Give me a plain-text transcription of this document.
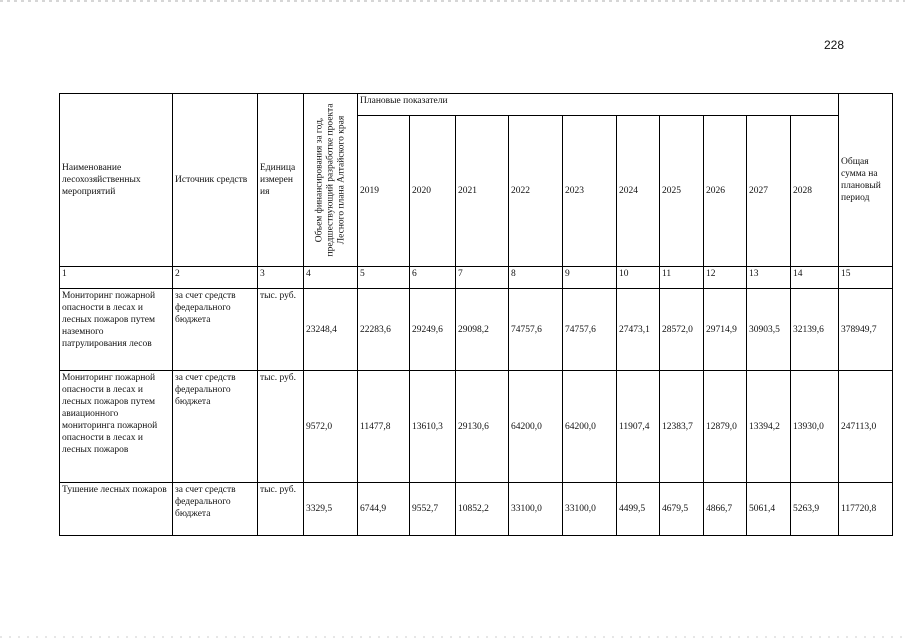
228
Наименование лесохозяйственных мероприятий	Источник средств	Единица
измерен
ия	Объем финансирования за год, предшествующий разработке проекта Лесного плана Алтайского края	Плановые показатели										Общая сумма на плановый период
				2019	2020	2021	2022	2023	2024	2025	2026	2027	2028	
1	2	3	4	5	6	7	8	9	10	11	12	13	14	15
Мониторинг пожарной опасности в лесах и лесных пожаров путем наземного патрулирования лесов	за счет средств федерального бюджета	тыс. руб.	23248,4	22283,6	29249,6	29098,2	74757,6	74757,6	27473,1	28572,0	29714,9	30903,5	32139,6	378949,7
Мониторинг пожарной опасности в лесах и лесных пожаров путем авиационного мониторинга пожарной опасности в лесах и лесных пожаров	за счет средств федерального бюджета	тыс. руб.	9572,0	11477,8	13610,3	29130,6	64200,0	64200,0	11907,4	12383,7	12879,0	13394,2	13930,0	247113,0
Тушение лесных пожаров	за счет средств федерального бюджета	тыс. руб.	3329,5	6744,9	9552,7	10852,2	33100,0	33100,0	4499,5	4679,5	4866,7	5061,4	5263,9	117720,8
